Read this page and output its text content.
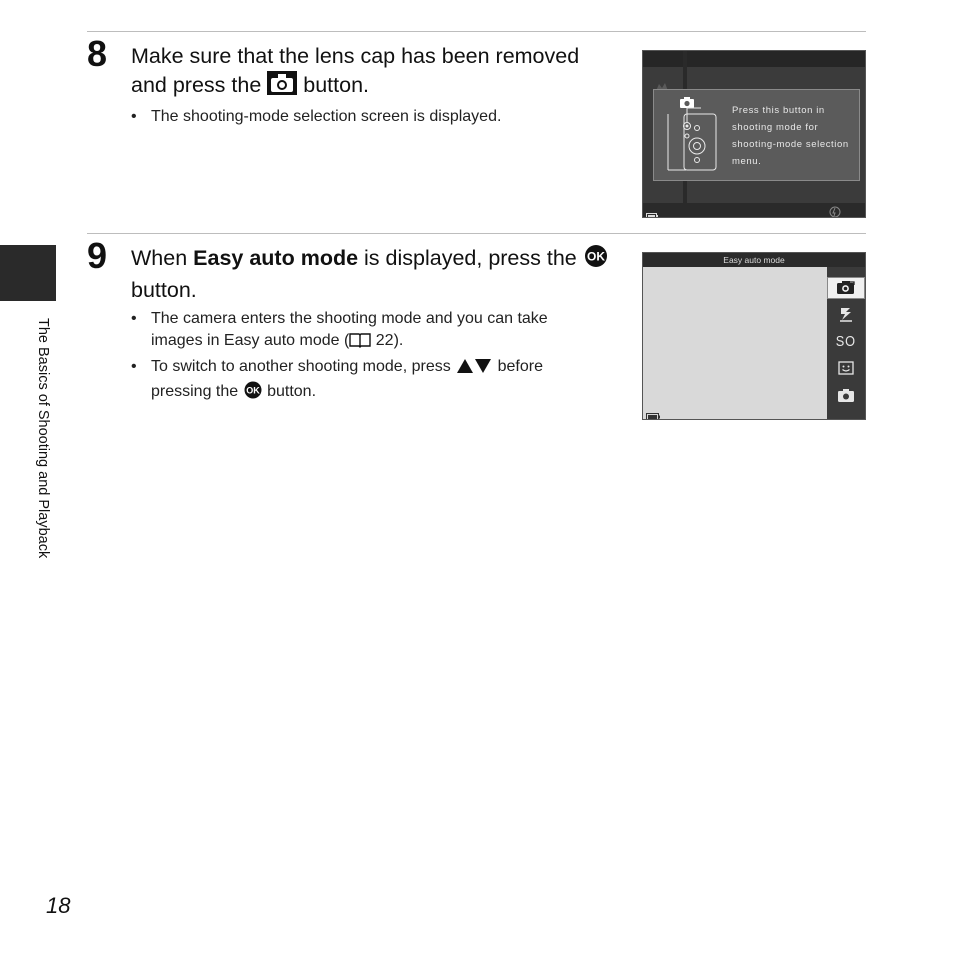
The Basics of Shooting and Playback
8 Make sure that the lens cap has been removed and press the button.
• The shooting-mode selection screen is displayed.	Press this button in shooting mode for shooting-mode selection menu.
9 When Easy auto mode is displayed, press the OK
button.
• The camera enters the shooting mode and you can take images in Easy auto mode ( 22).
• To switch to another shooting mode, press	before pressing the OK button.
Easy auto mode
SO
18
